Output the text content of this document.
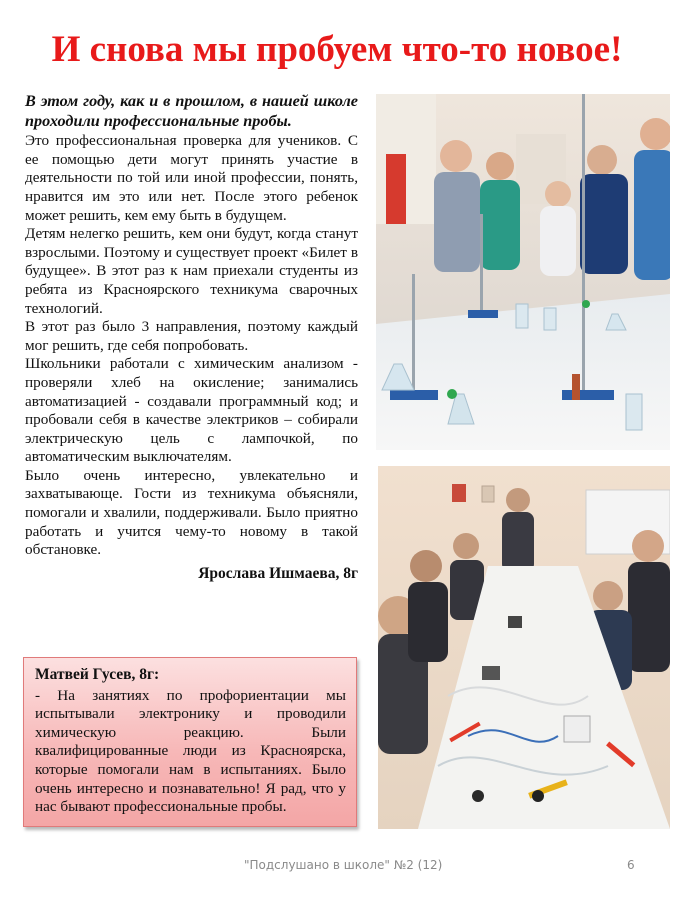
И снова мы пробуем что-то новое!

В этом году, как и в прошлом, в нашей школе проходили профессиональные пробы.

Это профессиональная проверка для учеников. С ее помощью дети могут принять участие в деятельности по той или иной профессии, понять, нравится им это или нет. После этого ребенок может решить, кем ему быть в будущем.

Детям нелегко решить, кем они будут, когда станут взрослыми. Поэтому и существует проект «Билет в будущее». В этот раз к нам приехали студенты из ребята из Красноярского техникума сварочных технологий.

В этот раз было 3 направления, поэтому каждый мог решить, где себя попробовать.

Школьники работали с химическим анализом - проверяли хлеб на окисление; занимались автоматизацией - создавали программный код; и пробовали себя в качестве электриков – собирали электрическую цель с лампочкой, по автоматическим выключателям.

Было очень интересно, увлекательно и захватывающе. Гости из техникума объясняли, помогали и хвалили, поддерживали. Было приятно работать и учится чему-то новому в такой обстановке.

Ярослава Ишмаева, 8г

Матвей Гусев, 8г:

- На занятиях по профориентации мы испытывали электронику и проводили химическую реакцию. Были квалифицированные люди из Красноярска, которые помогали нам в испытаниях. Было очень интересно и познавательно! Я рад, что у нас бывают профессиональные пробы.

"Подслушано в школе" №2 (12)	6
